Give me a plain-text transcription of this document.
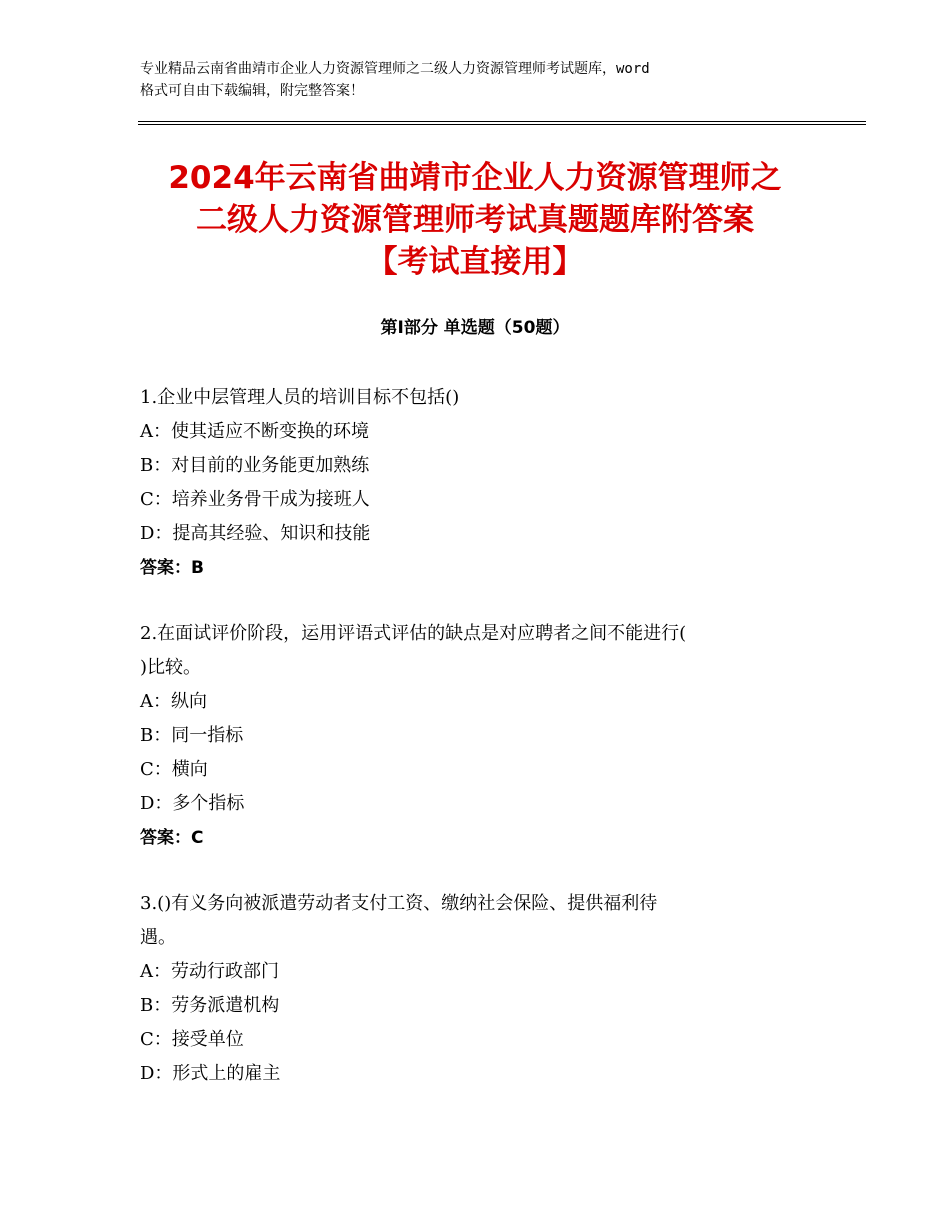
专业精品云南省曲靖市企业人力资源管理师之二级人力资源管理师考试题库，word
格式可自由下载编辑，附完整答案！
2024年云南省曲靖市企业人力资源管理师之
二级人力资源管理师考试真题题库附答案
【考试直接用】
第Ⅰ部分 单选题（50题）
1.企业中层管理人员的培训目标不包括()
A：使其适应不断变换的环境
B：对目前的业务能更加熟练
C：培养业务骨干成为接班人
D：提高其经验、知识和技能
答案：B
2.在面试评价阶段，运用评语式评估的缺点是对应聘者之间不能进行(
)比较。
A：纵向
B：同一指标
C：横向
D：多个指标
答案：C
3.()有义务向被派遣劳动者支付工资、缴纳社会保险、提供福利待
遇。
A：劳动行政部门
B：劳务派遣机构
C：接受单位
D：形式上的雇主
